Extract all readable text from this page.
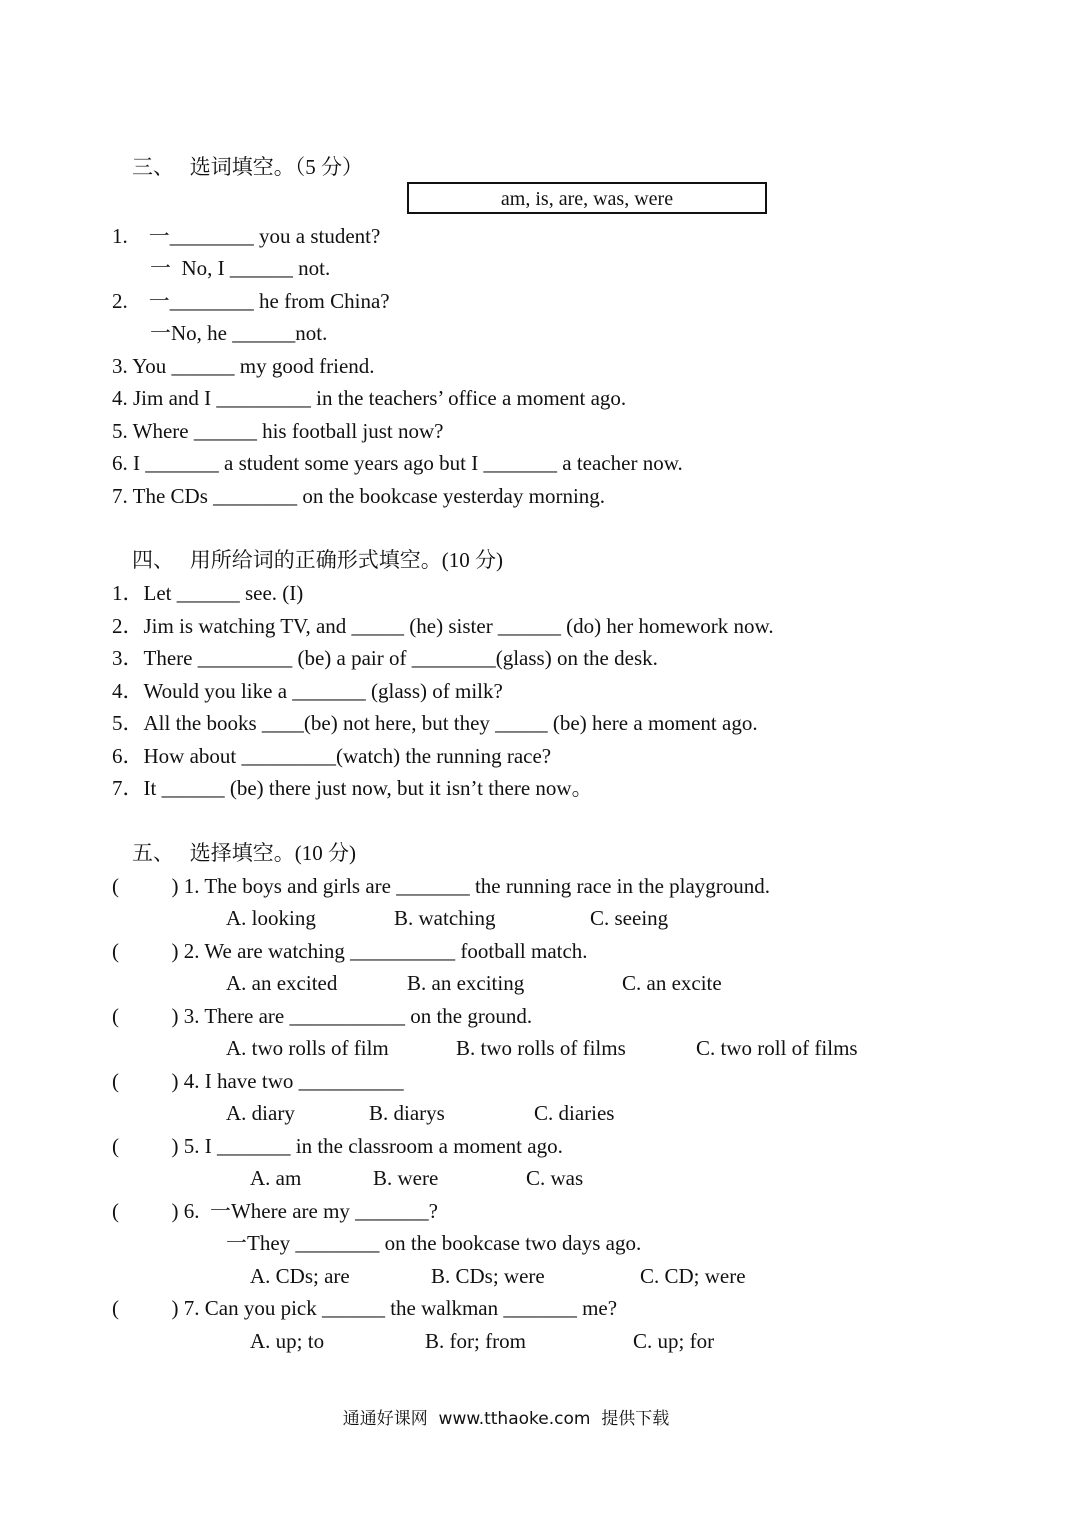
三、   选词填空。（5 分）
am, is, are, was, were
1.    一________ you a student?
一  No, I ______ not.
2.    一________ he from China?
一No, he ______not.
3. You ______ my good friend.
4. Jim and I _________ in the teachers’ office a moment ago.
5. Where ______ his football just now?
6. I _______ a student some years ago but I _______ a teacher now.
7. The CDs ________ on the bookcase yesterday morning.
四、   用所给词的正确形式填空。(10 分)
1．Let ______ see. (I)
2．Jim is watching TV, and _____ (he) sister ______ (do) her homework now.
3．There _________ (be) a pair of ________(glass) on the desk.
4．Would you like a _______ (glass) of milk?
5．All the books ____(be) not here, but they _____ (be) here a moment ago.
6．How about _________(watch) the running race?
7．It ______ (be) there just now, but it isn’t there now。
五、   选择填空。(10 分)
(          ) 1. The boys and girls are _______ the running race in the playground.
A. looking	B. watching	C. seeing
(          ) 2. We are watching __________ football match.
A. an excited	B. an exciting	C. an excite
(          ) 3. There are ___________ on the ground.
A. two rolls of film	B. two rolls of films	C. two roll of films
(          ) 4. I have two __________
A. diary	B. diarys	C. diaries
(          ) 5. I _______ in the classroom a moment ago.
A. am	B. were	C. was
(          ) 6.  一Where are my _______?
一They ________ on the bookcase two days ago.
A. CDs; are	B. CDs; were	C. CD; were
(          ) 7. Can you pick ______ the walkman _______ me?
A. up; to	B. for; from	C. up; for
通通好课网  www.tthaoke.com  提供下载
